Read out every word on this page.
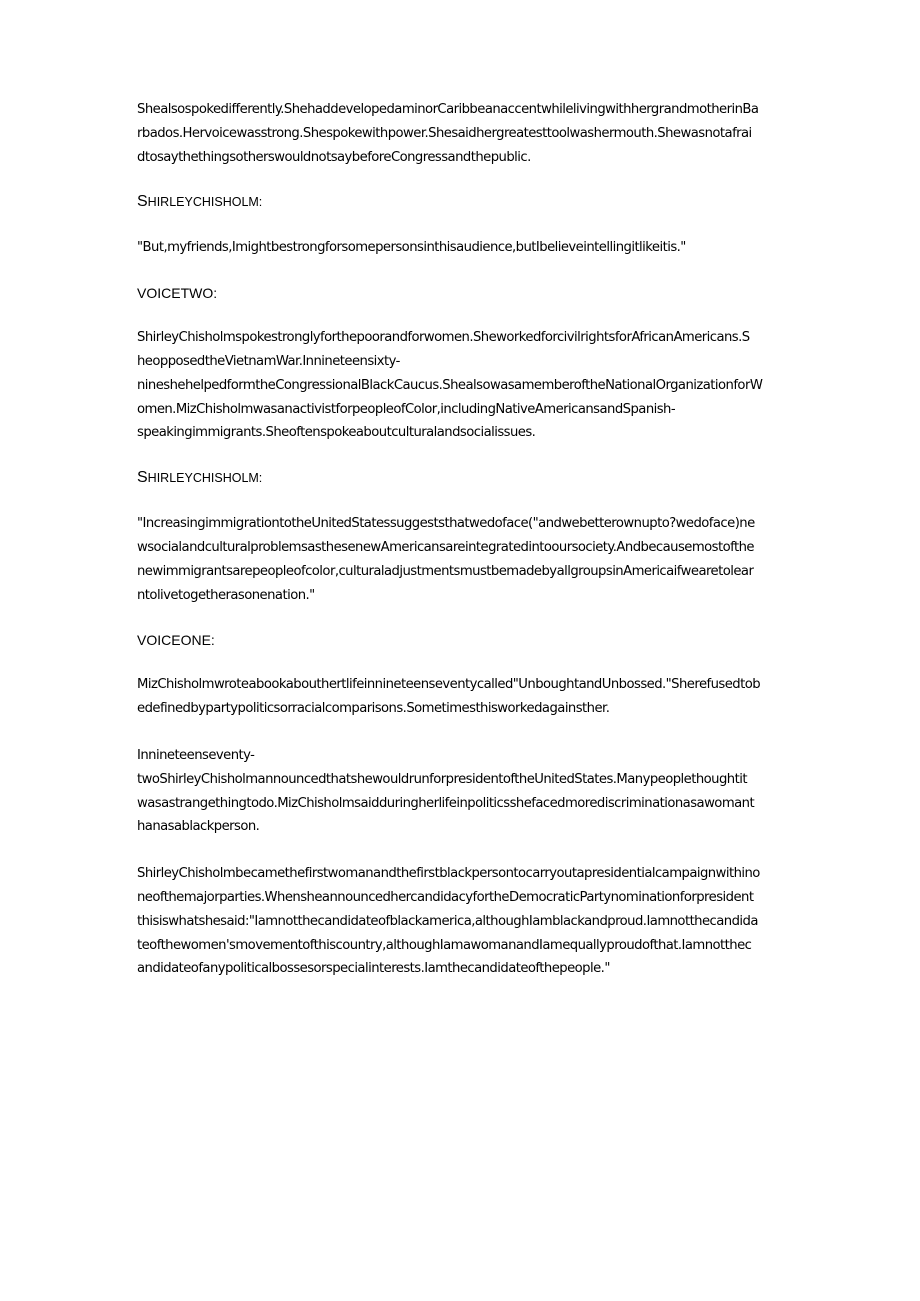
Shealsospokedifferently.ShehaddevelopedaminorCaribbeanaccentwhilelivingwithhergrandmotherinBa

rbados.Hervoicewasstrong.Shespokewithpower.Shesaidhergreatesttoolwashermouth.Shewasnotafrai

dtosaythethingsotherswouldnotsaybeforeCongressandthepublic.

SHIRLEYCHISHOLM:

"But,myfriends,Imightbestrongforsomepersonsinthisaudience,butIbelieveintellingitlikeitis."

VOICETWO:

ShirleyChisholmspokestronglyforthepoorandforwomen.SheworkedforcivilrightsforAfricanAmericans.S

heopposedtheVietnamWar.Innineteensixty-

nineshehelpedformtheCongressionalBlackCaucus.ShealsowasamemberoftheNationalOrganizationforW

omen.MizChisholmwasanactivistforpeopleofColor,includingNativeAmericansandSpanish-

speakingimmigrants.Sheoftenspokeaboutculturalandsocialissues.

SHIRLEYCHISHOLM:

"IncreasingimmigrationtotheUnitedStatessuggeststhatwedoface("andwebetterownupto?wedoface)ne

wsocialandculturalproblemsasthesenewAmericansareintegratedintooursociety.Andbecausemostofthe

newimmigrantsarepeopleofcolor,culturaladjustmentsmustbemadebyallgroupsinAmericaifwearetolear

ntolivetogetherasonenation."

VOICEONE:

MizChisholmwroteabookabouthertlifeinnineteenseventycalled"UnboughtandUnbossed."Sherefusedtob

edefinedbypartypoliticsorracialcomparisons.Sometimesthisworkedagainsther.

Innineteenseventy-

twoShirleyChisholmannouncedthatshewouldrunforpresidentoftheUnitedStates.Manypeoplethoughtit

wasastrangethingtodo.MizChisholmsaidduringherlifeinpoliticsshefacedmorediscriminationasawomant

hanasablackperson.

ShirleyChisholmbecamethefirstwomanandthefirstblackpersontocarryoutapresidentialcampaignwithino

neofthemajorparties.WhensheannouncedhercandidacyfortheDemocraticPartynominationforpresident

thisiswhatshesaid:"Iamnotthecandidateofblackamerica,althoughIamblackandproud.Iamnotthecandida

teofthewomen'smovementofthiscountry,althoughIamawomanandIamequallyproudofthat.Iamnotthec

andidateofanypoliticalbossesorspecialinterests.Iamthecandidateofthepeople."
